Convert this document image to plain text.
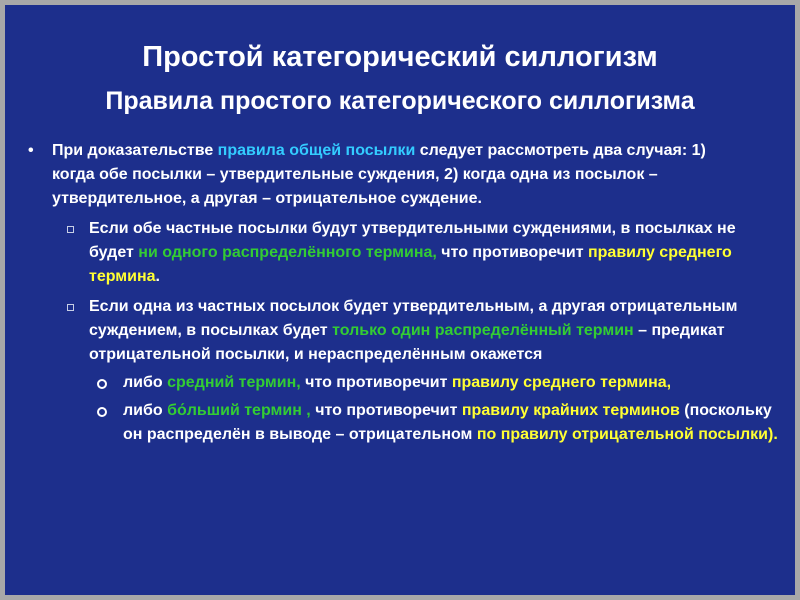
Простой категорический силлогизм
Правила простого категорического силлогизма
• При доказательстве правила общей посылки следует рассмотреть два случая: 1) когда обе посылки – утвердительные суждения, 2) когда одна из посылок – утвердительное, а другая – отрицательное суждение.
Если обе частные посылки будут утвердительными суждениями, в посылках не будет ни одного распределённого термина, что противоречит правилу среднего термина.
Если одна из частных посылок будет утвердительным, а другая отрицательным суждением, в посылках будет только один распределённый термин – предикат отрицательной посылки, и нераспределённым окажется
либо средний термин, что противоречит правилу среднего термина,
либо бо́льший термин , что противоречит правилу крайних терминов (поскольку он распределён в выводе – отрицательном по правилу отрицательной посылки).
